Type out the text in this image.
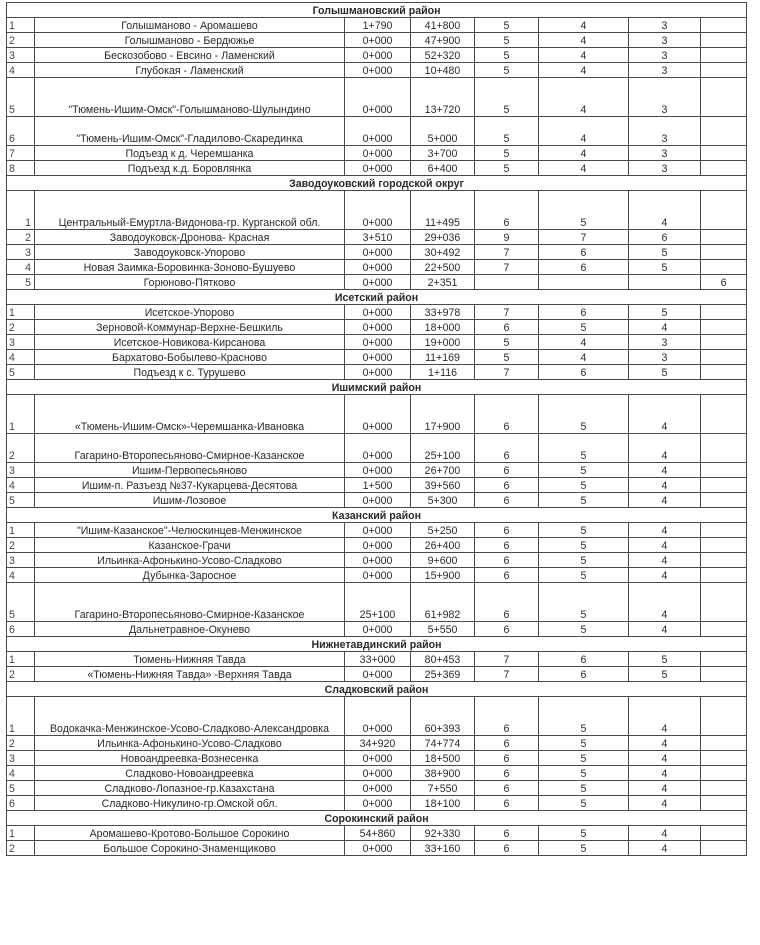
Голышмановский район							
1	Голышманово - Аромашево	1+790	41+800	5	4	3	
2	Голышманово - Бердюжье	0+000	47+900	5	4	3	
3	Бескозобово - Евсино - Ламенский	0+000	52+320	5	4	3	
4	Глубокая - Ламенский	0+000	10+480	5	4	3	
5	"Тюмень-Ишим-Омск"-Голышманово-Шулындино	0+000	13+720	5	4	3	
6	"Тюмень-Ишим-Омск"-Гладилово-Скарединка	0+000	5+000	5	4	3	
7	Подъезд к д. Черемшанка	0+000	3+700	5	4	3	
8	Подъезд к.д. Боровлянка	0+000	6+400	5	4	3	
Заводоуковский городской округ							
1	Центральный-Емуртла-Видонова-гр. Курганской обл.	0+000	11+495	6	5	4	
2	Заводоуковск-Дронова- Красная	3+510	29+036	9	7	6	
3	Заводоуковск-Упорово	0+000	30+492	7	6	5	
4	Новая Заимка-Боровинка-Зоново-Бушуево	0+000	22+500	7	6	5	
5	Горюново-Пятково	0+000	2+351				6
Исетский район							
1	Исетское-Упорово	0+000	33+978	7	6	5	
2	Зерновой-Коммунар-Верхне-Бешкиль	0+000	18+000	6	5	4	
3	Исетское-Новикова-Кирсанова	0+000	19+000	5	4	3	
4	Бархатово-Бобылево-Красново	0+000	11+169	5	4	3	
5	Подъезд к с. Турушево	0+000	1+116	7	6	5	
Ишимский район							
1	«Тюмень-Ишим-Омск»-Черемшанка-Ивановка	0+000	17+900	6	5	4	
2	Гагарино-Второпесьяново-Смирное-Казанское	0+000	25+100	6	5	4	
3	Ишим-Первопесьяново	0+000	26+700	6	5	4	
4	Ишим-п. Разъезд №37-Кукарцева-Десятова	1+500	39+560	6	5	4	
5	Ишим-Лозовое	0+000	5+300	6	5	4	
Казанский район							
1	"Ишим-Казанское"-Челюскинцев-Менжинское	0+000	5+250	6	5	4	
2	Казанское-Грачи	0+000	26+400	6	5	4	
3	Ильинка-Афонькино-Усово-Сладково	0+000	9+600	6	5	4	
4	Дубынка-Заросное	0+000	15+900	6	5	4	
5	Гагарино-Второпесьяново-Смирное-Казанское	25+100	61+982	6	5	4	
6	Дальнетравное-Окунево	0+000	5+550	6	5	4	
Нижнетавдинский район							
1	Тюмень-Нижняя Тавда	33+000	80+453	7	6	5	
2	«Тюмень-Нижняя Тавда» -Верхняя Тавда	0+000	25+369	7	6	5	
Сладковский район							
1	Водокачка-Менжинское-Усово-Сладково-Александровка	0+000	60+393	6	5	4	
2	Ильинка-Афонькино-Усово-Сладково	34+920	74+774	6	5	4	
3	Новоандреевка-Вознесенка	0+000	18+500	6	5	4	
4	Сладково-Новоандреевка	0+000	38+900	6	5	4	
5	Сладково-Лопазное-гр.Казахстана	0+000	7+550	6	5	4	
6	Сладково-Никулино-гр.Омской обл.	0+000	18+100	6	5	4	
Сорокинский район							
1	Аромашево-Кротово-Большое Сорокино	54+860	92+330	6	5	4	
2	Большое Сорокино-Знаменщиково	0+000	33+160	6	5	4	
